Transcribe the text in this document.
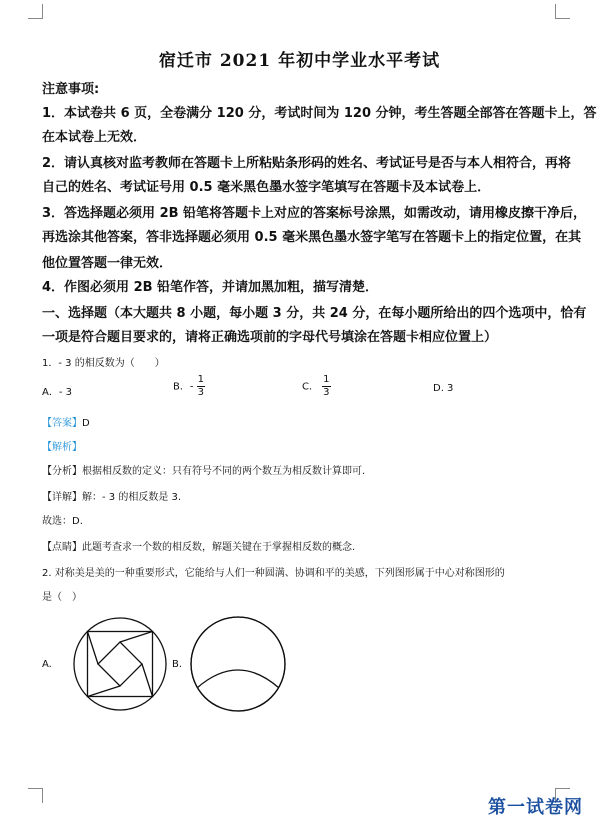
宿迁市 2021 年初中学业水平考试
注意事项:
1．本试卷共 6 页，全卷满分 120 分，考试时间为 120 分钟，考生答题全部答在答题卡上，答
在本试卷上无效．
2．请认真核对监考教师在答题卡上所粘贴条形码的姓名、考试证号是否与本人相符合，再将
自己的姓名、考试证号用 0.5 毫米黑色墨水签字笔填写在答题卡及本试卷上．
3．答选择题必须用 2B 铅笔将答题卡上对应的答案标号涂黑，如需改动，请用橡皮擦干净后，
再选涂其他答案，答非选择题必须用 0.5 毫米黑色墨水签字笔写在答题卡上的指定位置，在其
他位置答题一律无效．
4．作图必须用 2B 铅笔作答，并请加黑加粗，描写清楚．
一、选择题（本大题共 8 小题，每小题 3 分，共 24 分，在每小题所给出的四个选项中，恰有
一项是符合题目要求的，请将正确选项前的字母代号填涂在答题卡相应位置上）
1．- 3 的相反数为（　　）
A．- 3	B．- $\frac{1}{3}$	C． $\frac{1}{3}$	D. 3
【答案】D
【解析】
【分析】根据相反数的定义：只有符号不同的两个数互为相反数计算即可.
【详解】解：- 3 的相反数是 3.
故选：D.
【点睛】此题考查求一个数的相反数，解题关键在于掌握相反数的概念.
2. 对称美是美的一种重要形式，它能给与人们一种圆满、协调和平的美感，下列图形属于中心对称图形的
是（　）
A.	B.
第一试卷网
